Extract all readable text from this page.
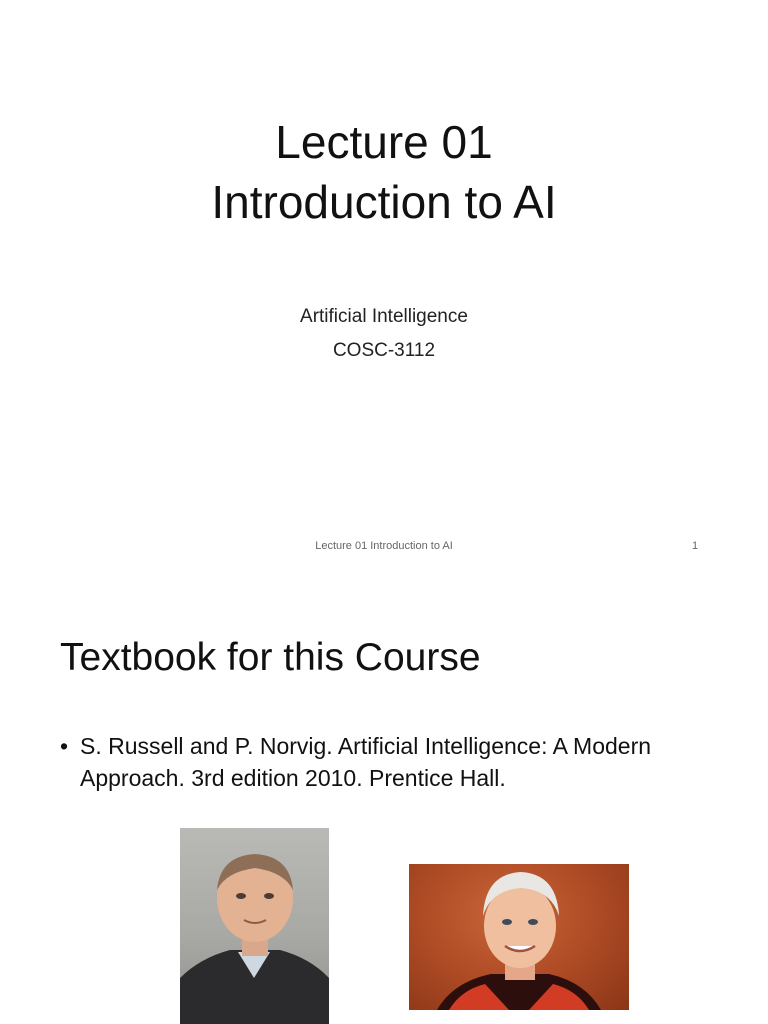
Lecture 01
Introduction to AI
Artificial Intelligence
COSC-3112
Lecture 01 Introduction to AI	1
Textbook for this Course
• S. Russell and P. Norvig. Artificial Intelligence: A Modern Approach. 3rd edition 2010. Prentice Hall.
